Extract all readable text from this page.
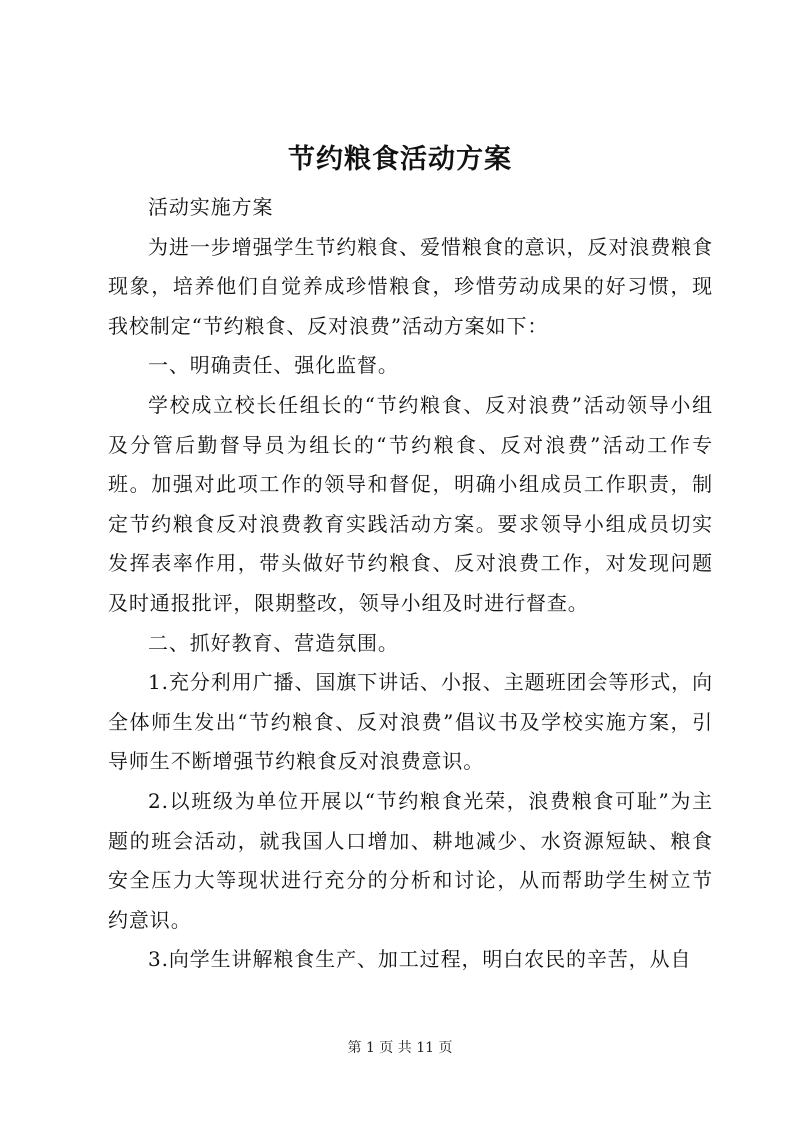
节约粮食活动方案

活动实施方案

为进一步增强学生节约粮食、爱惜粮食的意识，反对浪费粮食现象，培养他们自觉养成珍惜粮食，珍惜劳动成果的好习惯，现我校制定“节约粮食、反对浪费”活动方案如下：

一、明确责任、强化监督。

学校成立校长任组长的“节约粮食、反对浪费”活动领导小组及分管后勤督导员为组长的“节约粮食、反对浪费”活动工作专班。加强对此项工作的领导和督促，明确小组成员工作职责，制定节约粮食反对浪费教育实践活动方案。要求领导小组成员切实发挥表率作用，带头做好节约粮食、反对浪费工作，对发现问题及时通报批评，限期整改，领导小组及时进行督查。

二、抓好教育、营造氛围。

1.充分利用广播、国旗下讲话、小报、主题班团会等形式，向全体师生发出“节约粮食、反对浪费”倡议书及学校实施方案，引导师生不断增强节约粮食反对浪费意识。

2.以班级为单位开展以“节约粮食光荣，浪费粮食可耻”为主题的班会活动，就我国人口增加、耕地减少、水资源短缺、粮食安全压力大等现状进行充分的分析和讨论，从而帮助学生树立节约意识。

3.向学生讲解粮食生产、加工过程，明白农民的辛苦，从自

第 1 页 共 11 页
